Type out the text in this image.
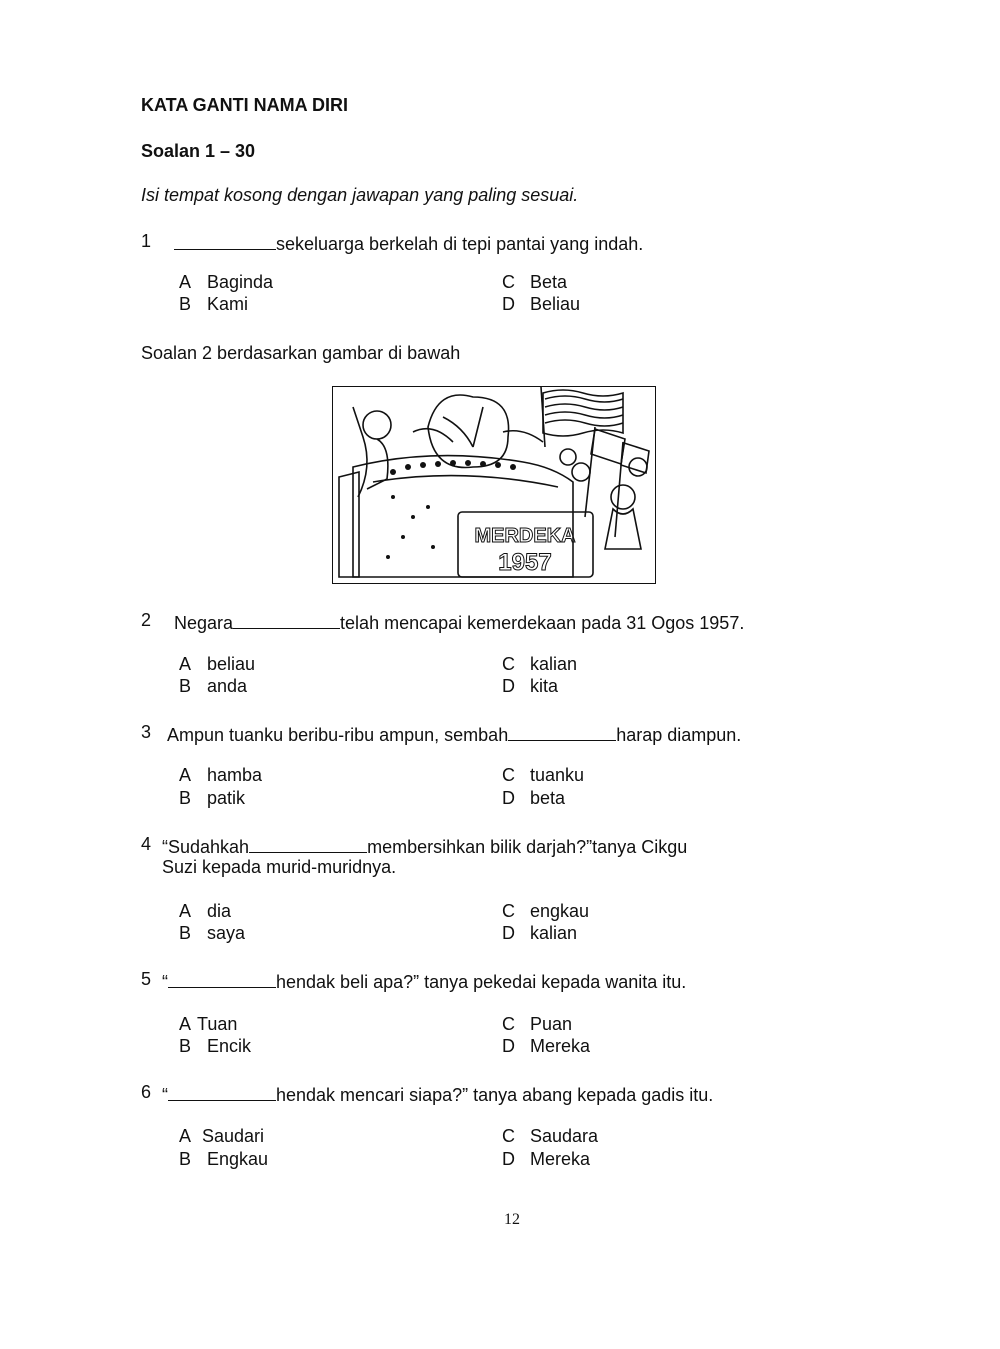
KATA GANTI NAMA DIRI
Soalan 1 – 30
Isi tempat kosong dengan jawapan yang paling sesuai.
1	sekeluarga berkelah di tepi pantai yang indah.
A Baginda
B Kami
C Beta
D Beliau
Soalan 2 berdasarkan gambar di bawah
MERDEKA
1957
2 Negara	telah mencapai kemerdekaan pada 31 Ogos 1957.
A beliau
B anda
C kalian
D kita
3 Ampun tuanku beribu-ribu ampun, sembah	harap diampun.
A hamba
B patik
C tuanku
D beta
4 “Sudahkah	membersihkan bilik darjah?”tanya Cikgu
Suzi kepada murid-muridnya.
A dia
B saya
C engkau
D kalian
5 “	hendak beli apa?” tanya pekedai kepada wanita itu.
A Tuan
B Encik
C Puan
D Mereka
6 “	hendak mencari siapa?” tanya abang kepada gadis itu.
A Saudari
B Engkau
C Saudara
D Mereka
12
